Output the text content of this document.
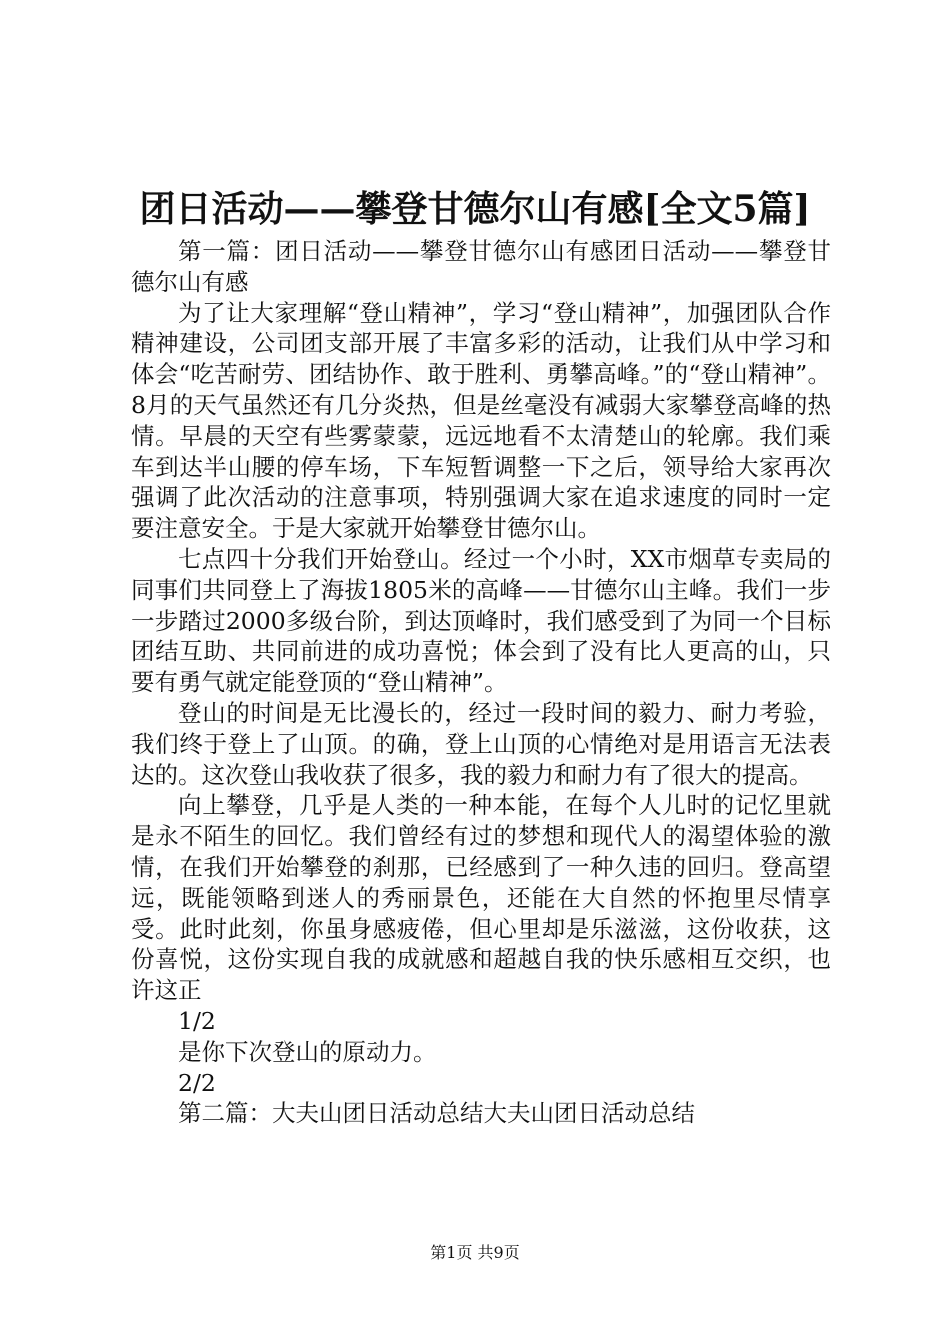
团日活动——攀登甘德尔山有感[全文5篇]

第一篇：团日活动——攀登甘德尔山有感团日活动——攀登甘德尔山有感

为了让大家理解“登山精神”，学习“登山精神”，加强团队合作精神建设，公司团支部开展了丰富多彩的活动，让我们从中学习和体会“吃苦耐劳、团结协作、敢于胜利、勇攀高峰。”的“登山精神”。8月的天气虽然还有几分炎热，但是丝毫没有减弱大家攀登高峰的热情。早晨的天空有些雾蒙蒙，远远地看不太清楚山的轮廓。我们乘车到达半山腰的停车场，下车短暂调整一下之后，领导给大家再次强调了此次活动的注意事项，特别强调大家在追求速度的同时一定要注意安全。于是大家就开始攀登甘德尔山。

七点四十分我们开始登山。经过一个小时，XX市烟草专卖局的同事们共同登上了海拔1805米的高峰——甘德尔山主峰。我们一步一步踏过2000多级台阶，到达顶峰时，我们感受到了为同一个目标团结互助、共同前进的成功喜悦；体会到了没有比人更高的山，只要有勇气就定能登顶的“登山精神”。

登山的时间是无比漫长的，经过一段时间的毅力、耐力考验，我们终于登上了山顶。的确，登上山顶的心情绝对是用语言无法表达的。这次登山我收获了很多，我的毅力和耐力有了很大的提高。

向上攀登，几乎是人类的一种本能，在每个人儿时的记忆里就是永不陌生的回忆。我们曾经有过的梦想和现代人的渴望体验的激情，在我们开始攀登的刹那，已经感到了一种久违的回归。登高望远，既能领略到迷人的秀丽景色，还能在大自然的怀抱里尽情享受。此时此刻，你虽身感疲倦，但心里却是乐滋滋，这份收获，这份喜悦，这份实现自我的成就感和超越自我的快乐感相互交织，也许这正

1/2

是你下次登山的原动力。

2/2

第二篇：大夫山团日活动总结大夫山团日活动总结

第1页 共9页
